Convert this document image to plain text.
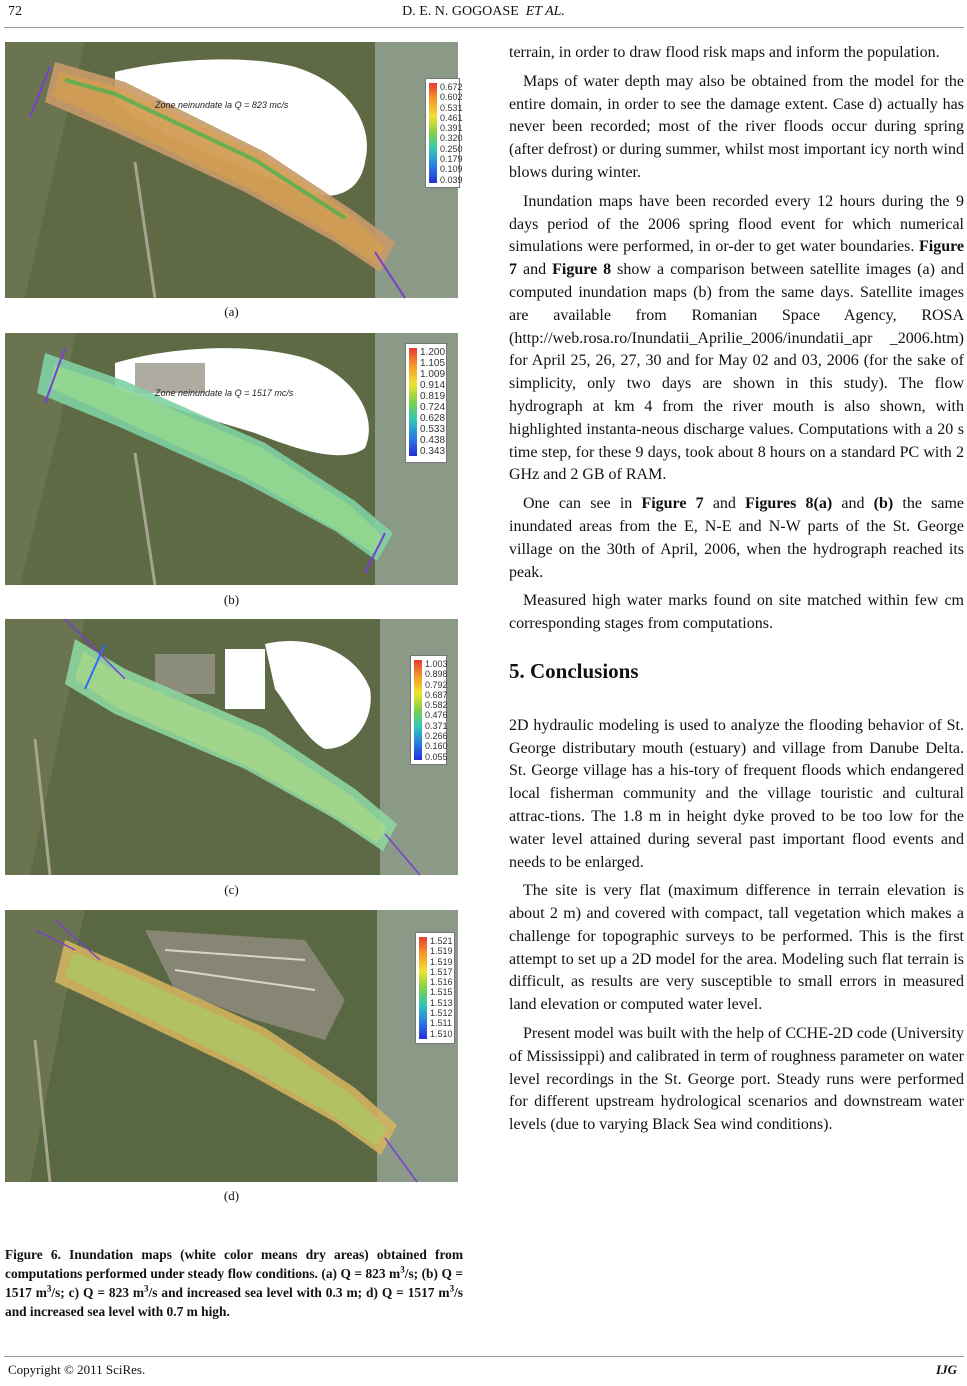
72	D. E. N. GOGOASE ET AL.
Zone neinundate la Q = 823 mc/s
0.672
0.602
0.531
0.461
0.391
0.320
0.250
0.179
0.109
0.039
(a)
Zone neinundate la Q = 1517 mc/s
1.200
1.105
1.009
0.914
0.819
0.724
0.628
0.533
0.438
0.343
(b)
1.003
0.898
0.792
0.687
0.582
0.476
0.371
0.266
0.160
0.055
(c)
1.521
1.519
1.519
1.517
1.516
1.515
1.513
1.512
1.511
1.510
(d)
Figure 6. Inundation maps (white color means dry areas) obtained from computations performed under steady flow conditions. (a) Q = 823 $m^3/s$; (b) Q = 1517 $m^3/s$; c) Q = 823 $m^3/s$ and increased sea level with 0.3 m; d) Q = 1517 $m^3/s$ and increased sea level with 0.7 m high.

terrain, in order to draw flood risk maps and inform the population.

Maps of water depth may also be obtained from the model for the entire domain, in order to see the damage extent. Case d) actually has never been recorded; most of the river floods occur during spring (after defrost) or during summer, whilst most important icy north wind blows during winter.

Inundation maps have been recorded every 12 hours during the 9 days period of the 2006 spring flood event for which numerical simulations were performed, in or-der to get water boundaries. Figure 7 and Figure 8 show a comparison between satellite images (a) and computed inundation maps (b) from the same days. Satellite images are available from Romanian Space Agency, ROSA (http://web.rosa.ro/Inundatii_Aprilie_2006/inundatii_apr _2006.htm) for April 25, 26, 27, 30 and for May 02 and 03, 2006 (for the sake of simplicity, only two days are shown in this study). The flow hydrograph at km 4 from the river mouth is also shown, with highlighted instanta-neous discharge values. Computations with a 20 s time step, for these 9 days, took about 8 hours on a standard PC with 2 GHz and 2 GB of RAM.

One can see in Figure 7 and Figures 8(a) and (b) the same inundated areas from the E, N-E and N-W parts of the St. George village on the 30th of April, 2006, when the hydrograph reached its peak.

Measured high water marks found on site matched within few cm corresponding stages from computations.

5. Conclusions

2D hydraulic modeling is used to analyze the flooding behavior of St. George distributary mouth (estuary) and village from Danube Delta. St. George village has a his-tory of frequent floods which endangered local fisherman community and the village touristic and cultural attrac-tions. The 1.8 m in height dyke proved to be too low for the water level attained during several past important flood events and needs to be enlarged.

The site is very flat (maximum difference in terrain elevation is about 2 m) and covered with compact, tall vegetation which makes a challenge for topographic surveys to be performed. This is the first attempt to set up a 2D model for the area. Modeling such flat terrain is difficult, as results are very susceptible to small errors in measured land elevation or computed water level.

Present model was built with the help of CCHE-2D code (University of Mississippi) and calibrated in term of roughness parameter on water level recordings in the St. George port. Steady runs were performed for different upstream hydrological scenarios and downstream water levels (due to varying Black Sea wind conditions).

Copyright © 2011 SciRes.	IJG
